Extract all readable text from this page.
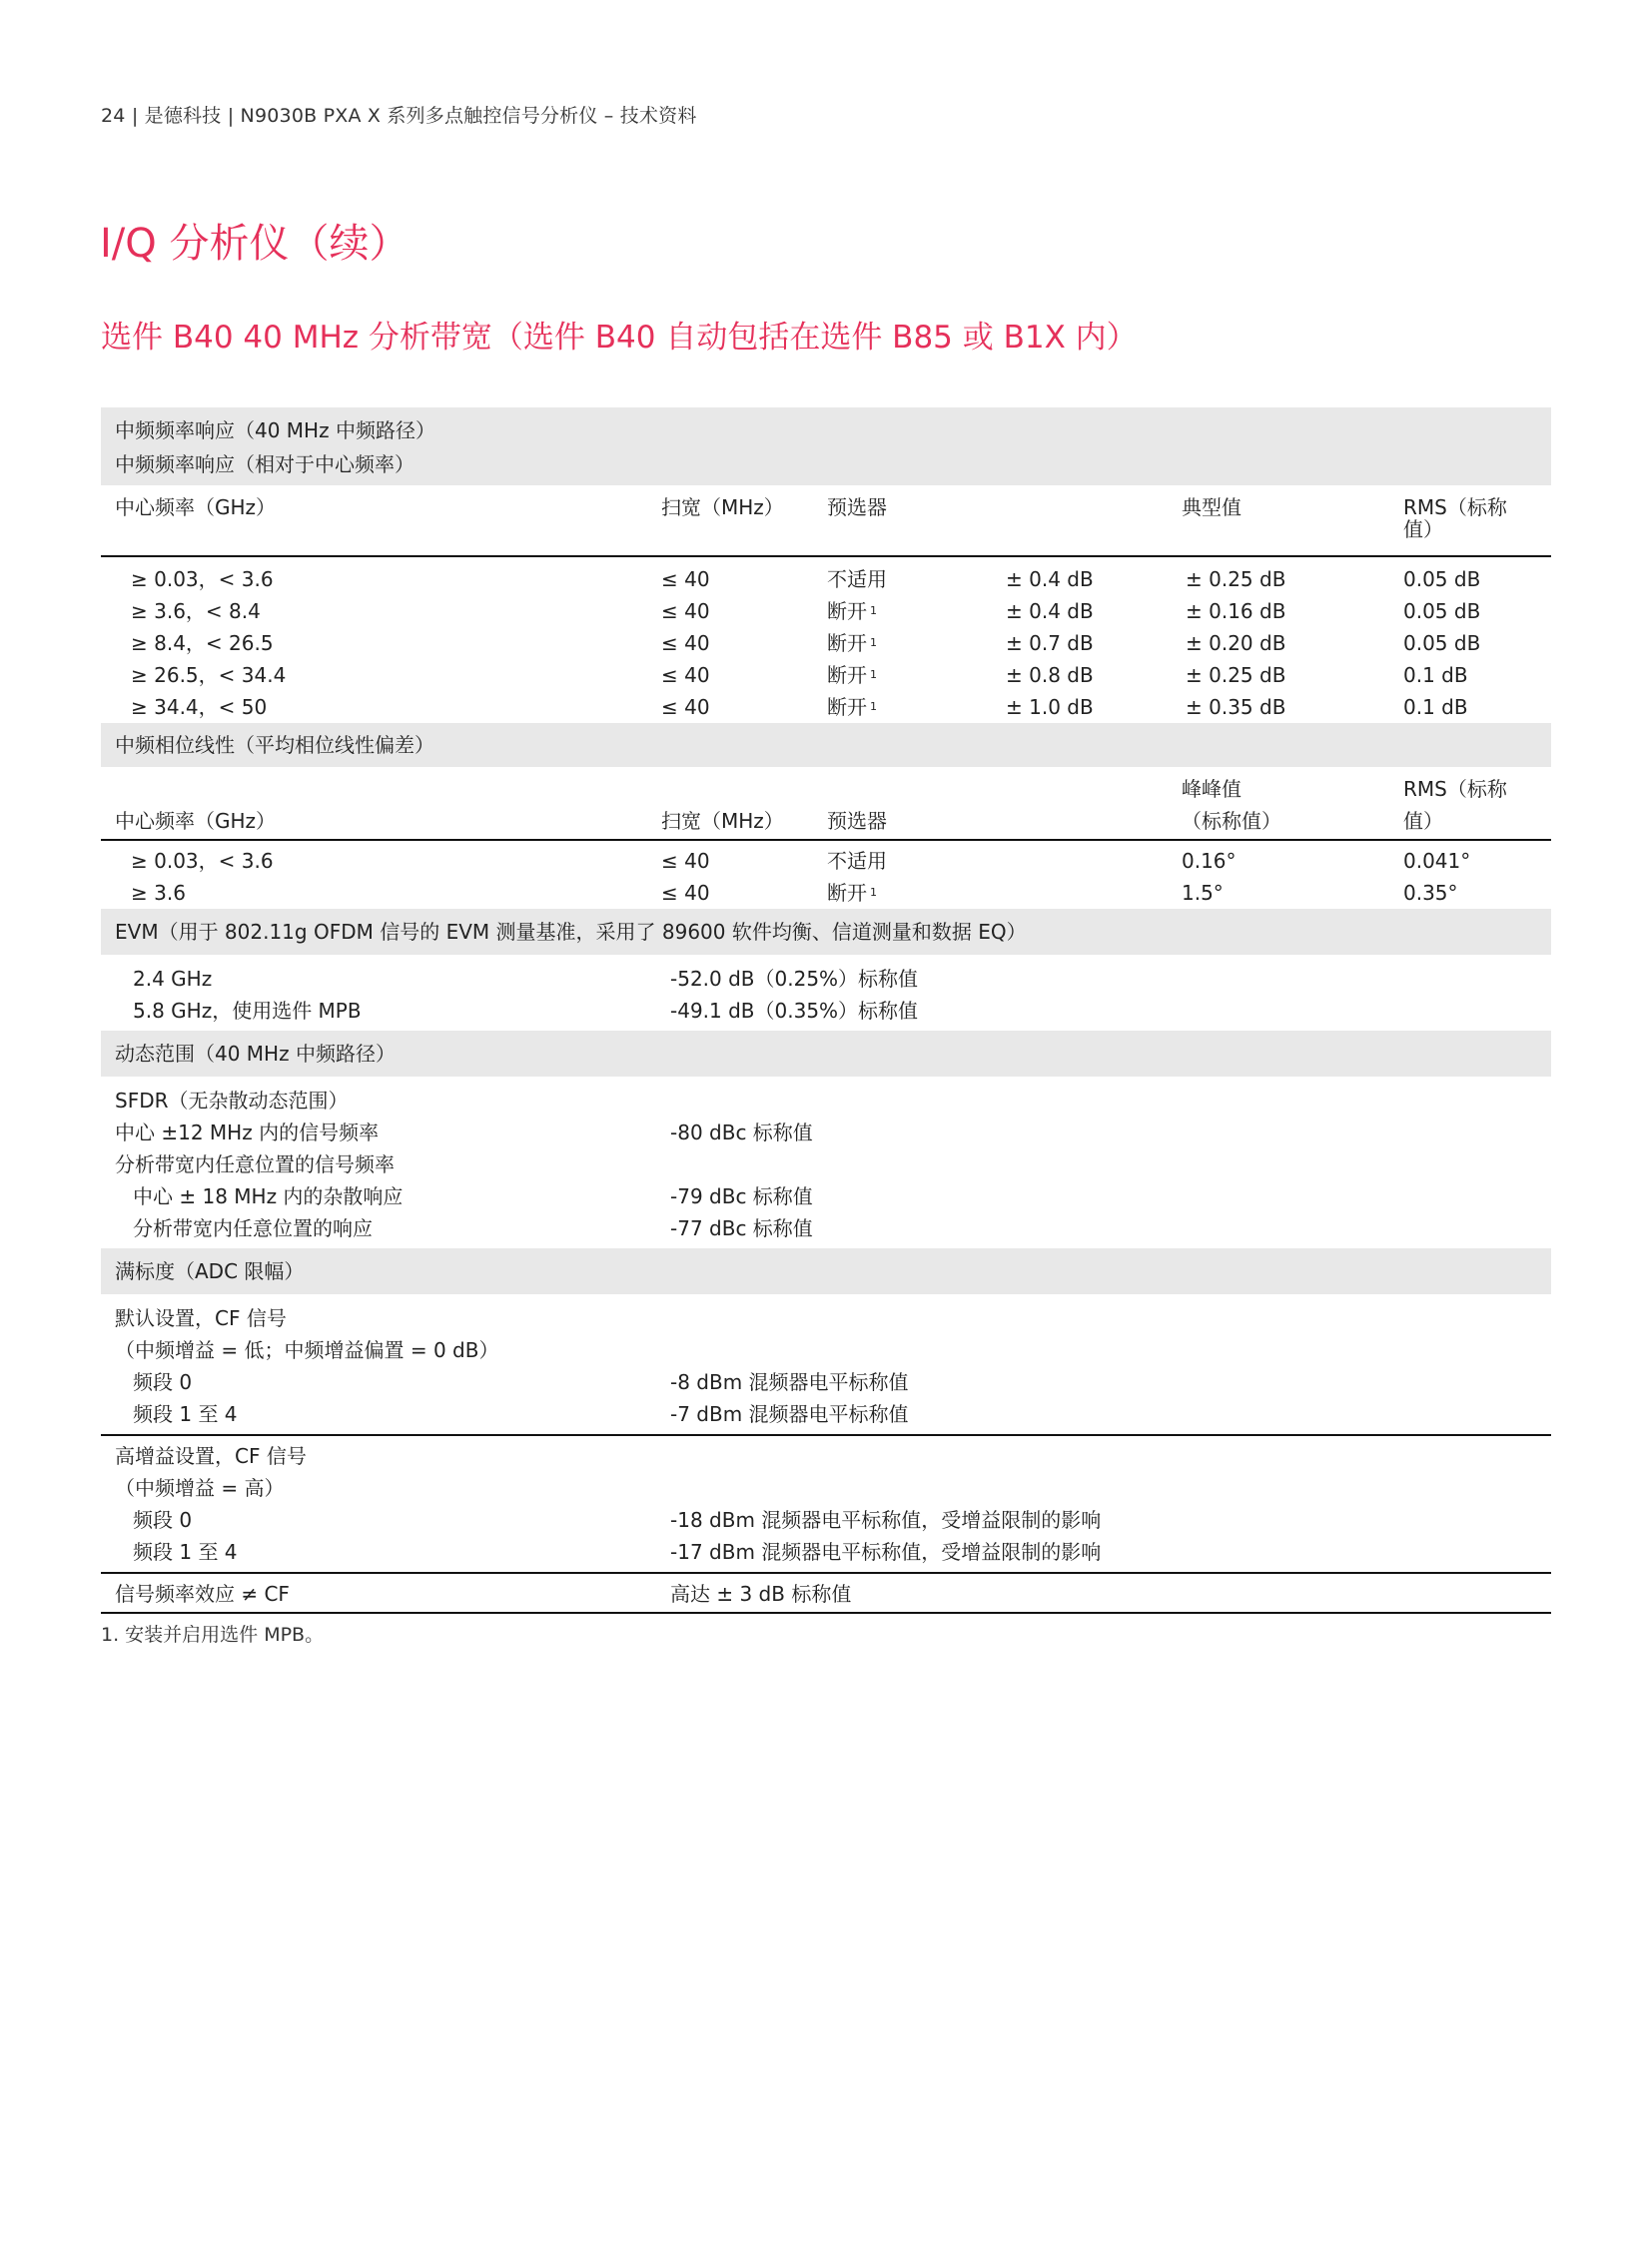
24 | 是德科技 | N9030B PXA X 系列多点触控信号分析仪 – 技术资料
I/Q 分析仪（续）
选件 B40 40 MHz 分析带宽（选件 B40 自动包括在选件 B85 或 B1X 内）
中频频率响应（40 MHz 中频路径）
中频频率响应（相对于中心频率）
中心频率（GHz）	扫宽（MHz） 预选器	典型值	RMS（标称
值）
≥ 0.03，< 3.6	≤ 40	不适用	± 0.4 dB	± 0.25 dB	0.05 dB
≥ 3.6，< 8.4	≤ 40	断开 $^1$	± 0.4 dB	± 0.16 dB	0.05 dB
≥ 8.4，< 26.5	≤ 40	断开 $^1$	± 0.7 dB	± 0.20 dB	0.05 dB
≥ 26.5，< 34.4	≤ 40	断开 $^1$	± 0.8 dB	± 0.25 dB	0.1 dB
≥ 34.4，< 50	≤ 40	断开 $^1$	± 1.0 dB	± 0.35 dB	0.1 dB
中频相位线性（平均相位线性偏差）
中心频率（GHz）	扫宽（MHz） 预选器
峰峰值
（标称值）
RMS（标称
值）
≥ 0.03，< 3.6	≤ 40	不适用	0.16°	0.041°
≥ 3.6	≤ 40	断开 $^1$	1.5°	0.35°
EVM（用于 802.11g OFDM 信号的 EVM 测量基准，采用了 89600 软件均衡、信道测量和数据 EQ）
2.4 GHz	-52.0 dB（0.25%）标称值
5.8 GHz，使用选件 MPB	-49.1 dB（0.35%）标称值
动态范围（40 MHz 中频路径）
SFDR（无杂散动态范围）
中心 ±12 MHz 内的信号频率	-80 dBc 标称值
分析带宽内任意位置的信号频率
中心 ± 18 MHz 内的杂散响应	-79 dBc 标称值
分析带宽内任意位置的响应	-77 dBc 标称值
满标度（ADC 限幅）
默认设置，CF 信号
（中频增益 = 低；中频增益偏置 = 0 dB）
频段 0	-8 dBm 混频器电平标称值
频段 1 至 4	-7 dBm 混频器电平标称值
高增益设置，CF 信号
（中频增益 = 高）
频段 0	-18 dBm 混频器电平标称值，受增益限制的影响
频段 1 至 4	-17 dBm 混频器电平标称值，受增益限制的影响
信号频率效应 ≠ CF	高达 ± 3 dB 标称值
1. 安装并启用选件 MPB。
